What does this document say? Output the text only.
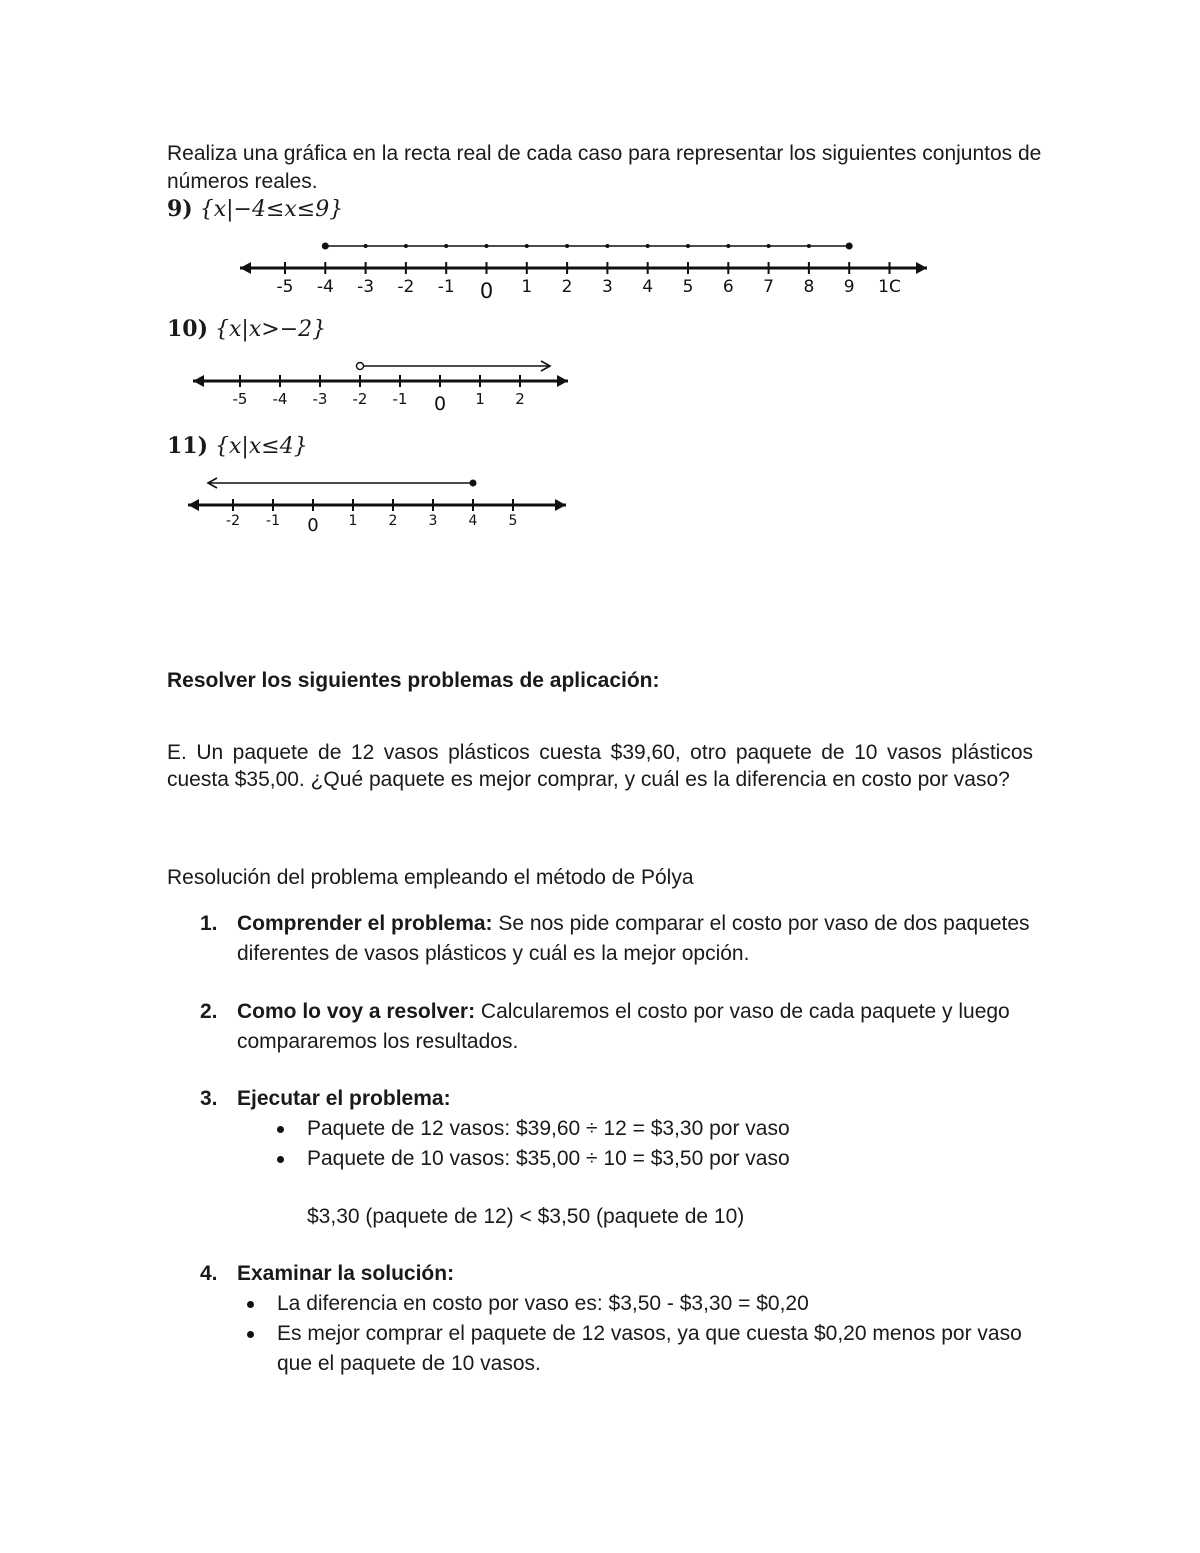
Realiza una gráfica en la recta real de cada caso para representar los siguientes conjuntos de números reales.
9) {x|−4≤x≤9}
10) {x|x>−2}
11) {x|x≤4}
-5 -4 -3 -2 -1 0 1 2 3 4 5 6 7 8 9 1C
-5 -4 -3 -2 -1 0 1 2
-2 -1 0 1 2 3 4 5
Resolver los siguientes problemas de aplicación:
E. Un paquete de 12 vasos plásticos cuesta $39,60, otro paquete de 10 vasos plásticos cuesta $35,00. ¿Qué paquete es mejor comprar, y cuál es la diferencia en costo por vaso?
Resolución del problema empleando el método de Pólya
1. Comprender el problema: Se nos pide comparar el costo por vaso de dos paquetes diferentes de vasos plásticos y cuál es la mejor opción.
2. Como lo voy a resolver: Calcularemos el costo por vaso de cada paquete y luego compararemos los resultados.
3. Ejecutar el problema:
Paquete de 12 vasos: $39,60 ÷ 12 = $3,30 por vaso
Paquete de 10 vasos: $35,00 ÷ 10 = $3,50 por vaso
$3,30 (paquete de 12) < $3,50 (paquete de 10)
4. Examinar la solución:
La diferencia en costo por vaso es: $3,50 - $3,30 = $0,20
Es mejor comprar el paquete de 12 vasos, ya que cuesta $0,20 menos por vaso que el paquete de 10 vasos.
